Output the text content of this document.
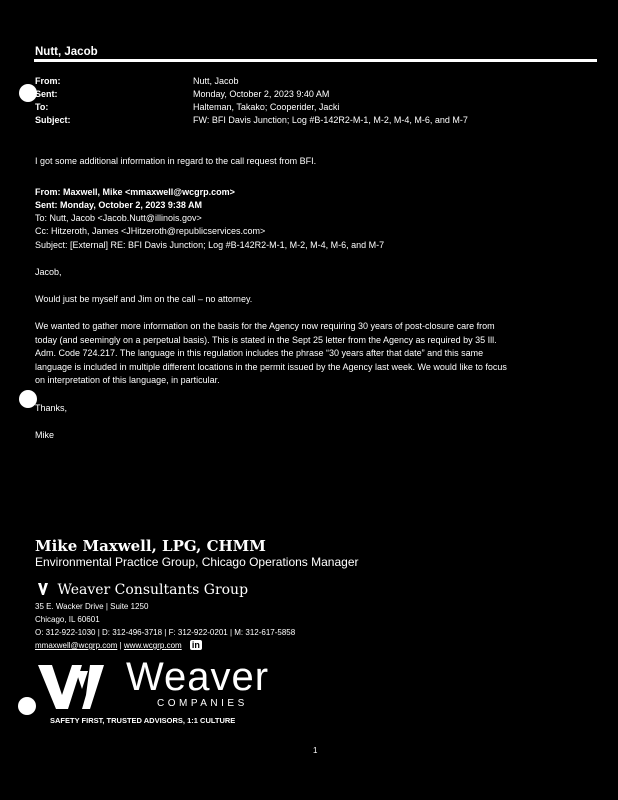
Nutt, Jacob
From:	Nutt, Jacob
Sent:	Monday, October 2, 2023 9:40 AM
To:	Halteman, Takako; Cooperider, Jacki
Subject:	FW: BFI Davis Junction; Log #B-142R2-M-1, M-2, M-4, M-6, and M-7
I got some additional information in regard to the call request from BFI.
From: Maxwell, Mike <mmaxwell@wcgrp.com>
Sent: Monday, October 2, 2023 9:38 AM
To: Nutt, Jacob <Jacob.Nutt@illinois.gov>
Cc: Hitzeroth, James <JHitzeroth@republicservices.com>
Subject: [External] RE: BFI Davis Junction; Log #B-142R2-M-1, M-2, M-4, M-6, and M-7
Jacob,
Would just be myself and Jim on the call – no attorney.
We wanted to gather more information on the basis for the Agency now requiring 30 years of post-closure care from
today (and seemingly on a perpetual basis). This is stated in the Sept 25 letter from the Agency as required by 35 Ill.
Adm. Code 724.217. The language in this regulation includes the phrase “30 years after that date” and this same
language is included in multiple different locations in the permit issued by the Agency last week. We would like to focus
on interpretation of this language, in particular.
Thanks,
Mike
Mike Maxwell, LPG, CHMM
Environmental Practice Group, Chicago Operations Manager
Weaver Consultants Group
35 E. Wacker Drive | Suite 1250
Chicago, IL 60601
O: 312-922-1030 | D: 312-496-3718 | F: 312-922-0201 | M: 312-617-5858
mmaxwell@wcgrp.com | www.wcgrp.com in
Weaver
COMPANIES
SAFETY FIRST, TRUSTED ADVISORS, 1:1 CULTURE
1
